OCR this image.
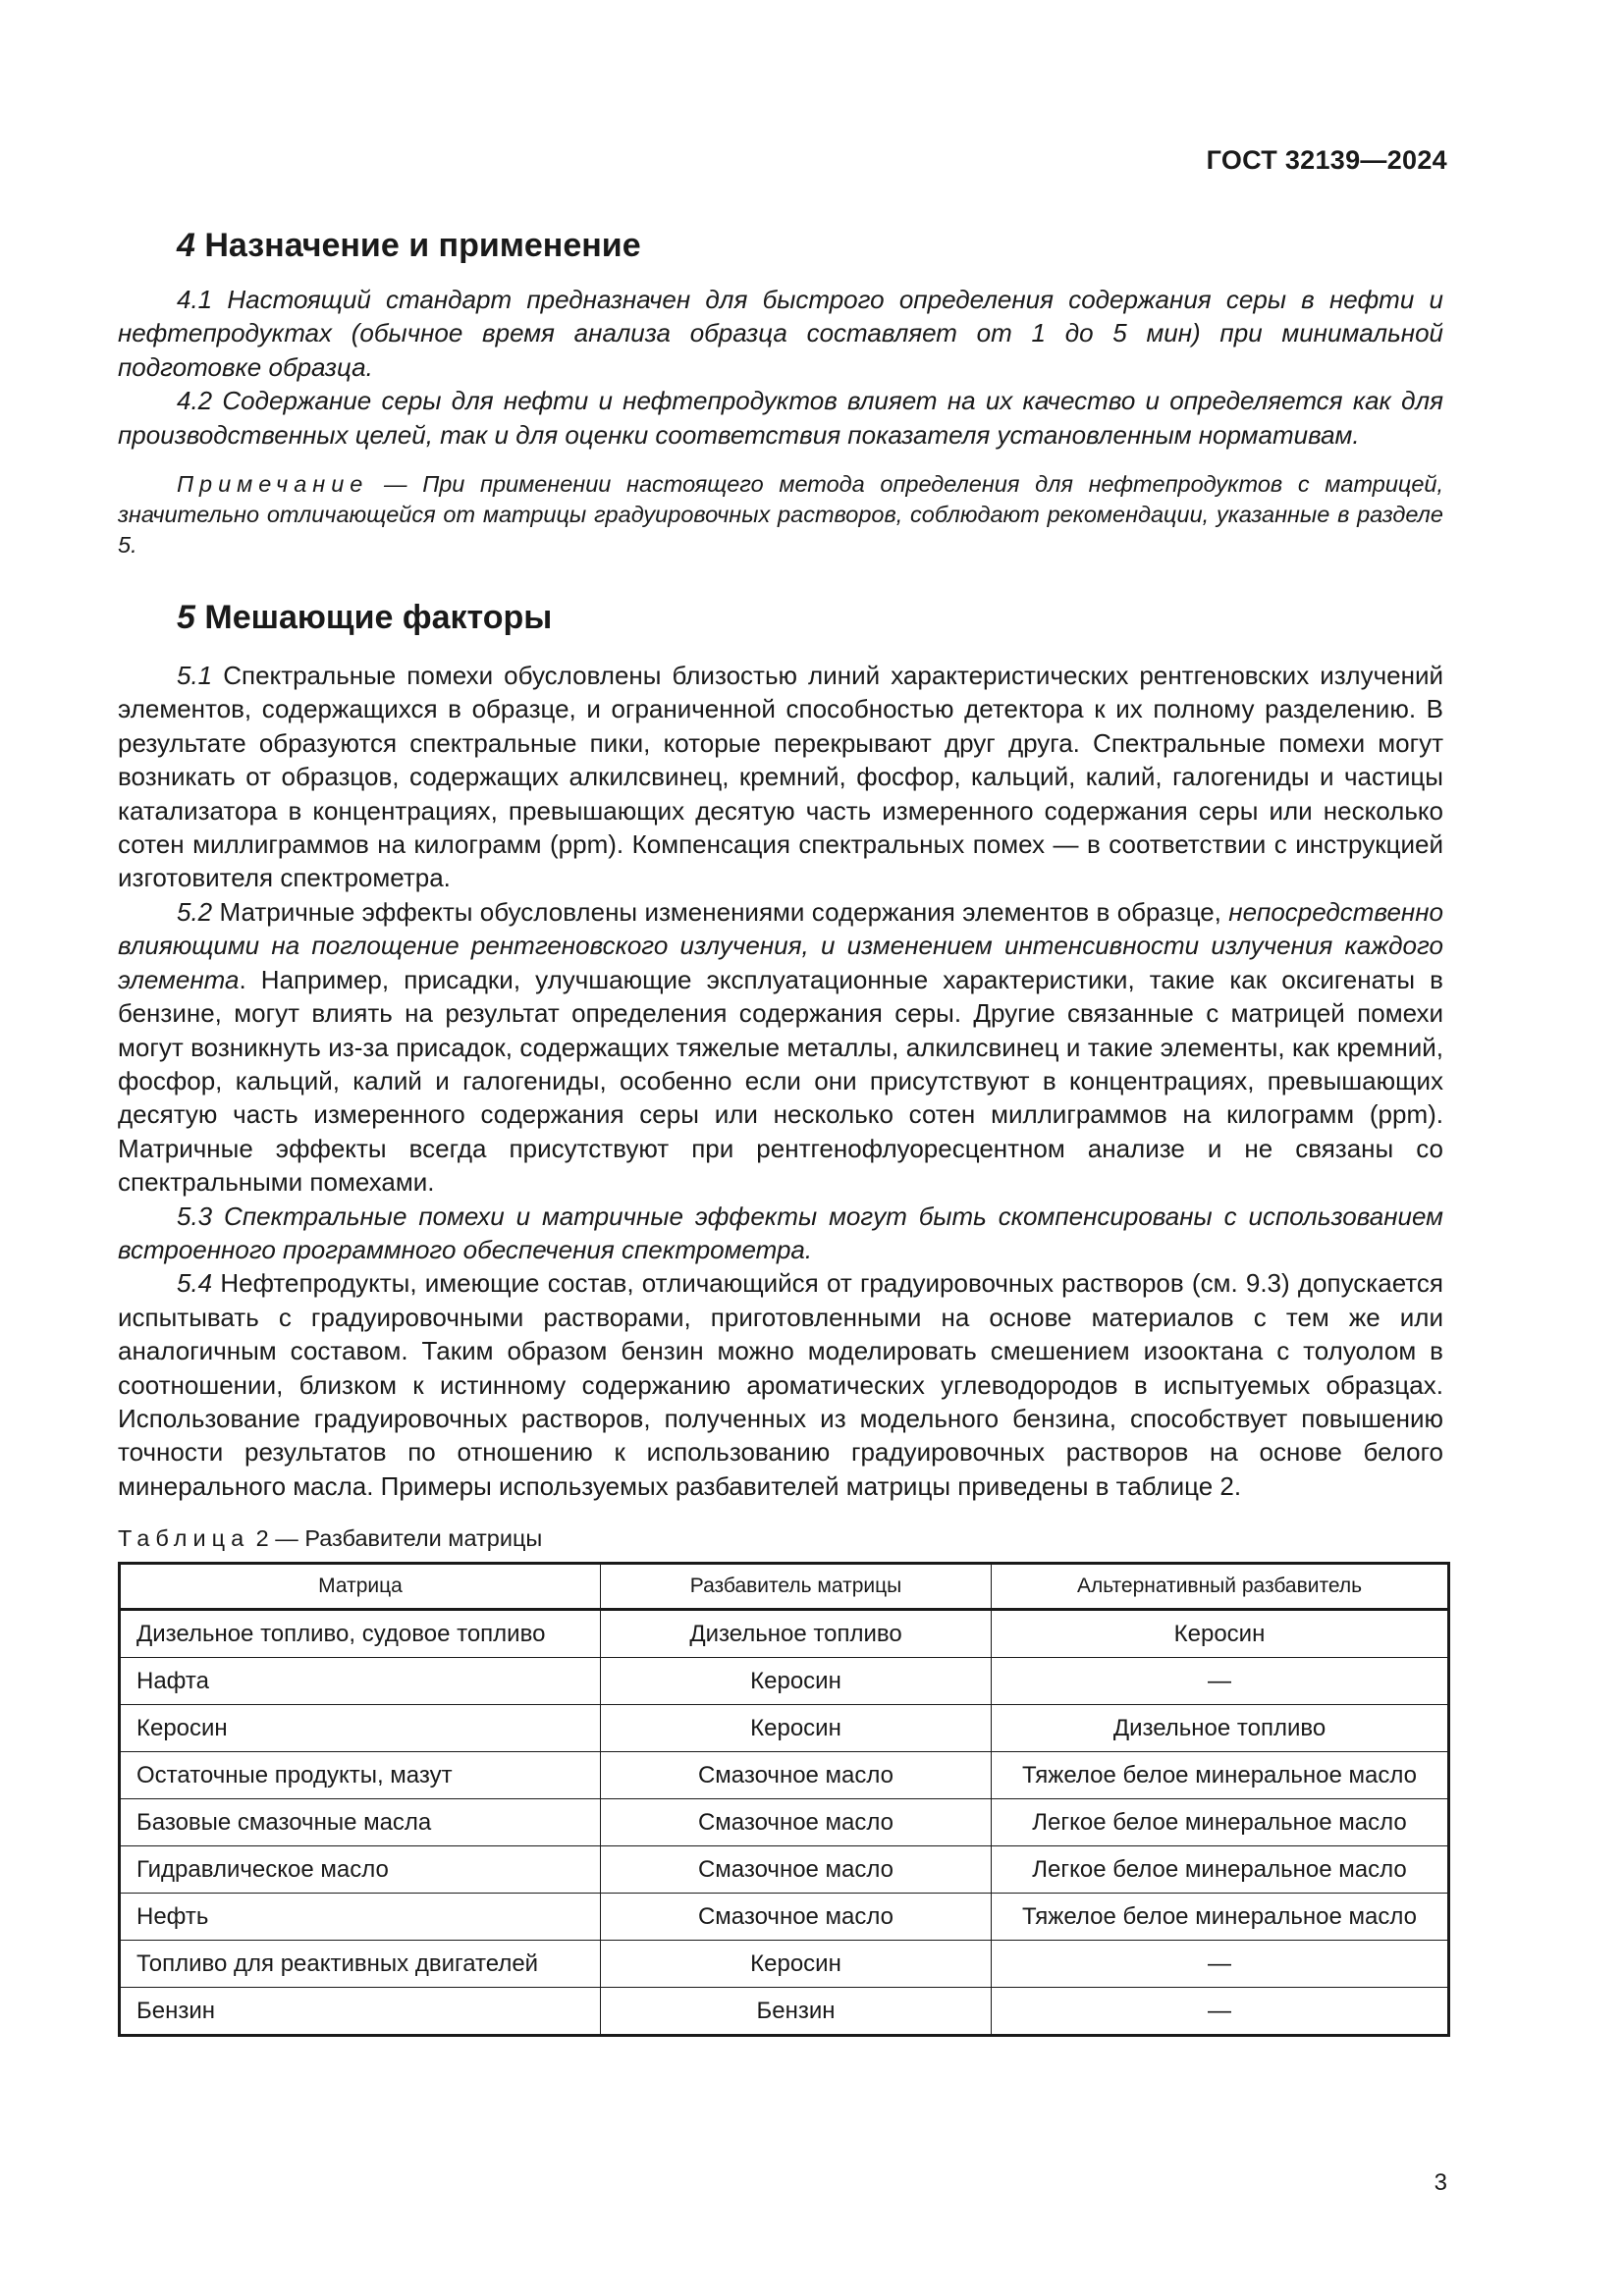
ГОСТ 32139—2024
4 Назначение и применение

4.1 Настоящий стандарт предназначен для быстрого определения содержания серы в нефти и нефтепродуктах (обычное время анализа образца составляет от 1 до 5 мин) при минимальной подготовке образца.

4.2 Содержание серы для нефти и нефтепродуктов влияет на их качество и определяется как для производственных целей, так и для оценки соответствия показателя установленным нормативам.

Примечание — При применении настоящего метода определения для нефтепродуктов с матрицей, значительно отличающейся от матрицы градуировочных растворов, соблюдают рекомендации, указанные в разделе 5.

5 Мешающие факторы

5.1 Спектральные помехи обусловлены близостью линий характеристических рентгеновских излучений элементов, содержащихся в образце, и ограниченной способностью детектора к их полному разделению. В результате образуются спектральные пики, которые перекрывают друг друга. Спектральные помехи могут возникать от образцов, содержащих алкилсвинец, кремний, фосфор, кальций, калий, галогениды и частицы катализатора в концентрациях, превышающих десятую часть измеренного содержания серы или несколько сотен миллиграммов на килограмм (ppm). Компенсация спектральных помех — в соответствии с инструкцией изготовителя спектрометра.

5.2 Матричные эффекты обусловлены изменениями содержания элементов в образце, непосредственно влияющими на поглощение рентгеновского излучения, и изменением интенсивности излучения каждого элемента. Например, присадки, улучшающие эксплуатационные характеристики, такие как оксигенаты в бензине, могут влиять на результат определения содержания серы. Другие связанные с матрицей помехи могут возникнуть из-за присадок, содержащих тяжелые металлы, алкилсвинец и такие элементы, как кремний, фосфор, кальций, калий и галогениды, особенно если они присутствуют в концентрациях, превышающих десятую часть измеренного содержания серы или несколько сотен миллиграммов на килограмм (ppm). Матричные эффекты всегда присутствуют при рентгенофлуоресцентном анализе и не связаны со спектральными помехами.

5.3 Спектральные помехи и матричные эффекты могут быть скомпенсированы с использованием встроенного программного обеспечения спектрометра.

5.4 Нефтепродукты, имеющие состав, отличающийся от градуировочных растворов (см. 9.3) допускается испытывать с градуировочными растворами, приготовленными на основе материалов с тем же или аналогичным составом. Таким образом бензин можно моделировать смешением изооктана с толуолом в соотношении, близком к истинному содержанию ароматических углеводородов в испытуемых образцах. Использование градуировочных растворов, полученных из модельного бензина, способствует повышению точности результатов по отношению к использованию градуировочных растворов на основе белого минерального масла. Примеры используемых разбавителей матрицы приведены в таблице 2.

Таблица 2 — Разбавители матрицы
Матрица	Разбавитель матрицы	Альтернативный разбавитель
Дизельное топливо, судовое топливо	Дизельное топливо	Керосин
Нафта	Керосин	—
Керосин	Керосин	Дизельное топливо
Остаточные продукты, мазут	Смазочное масло	Тяжелое белое минеральное масло
Базовые смазочные масла	Смазочное масло	Легкое белое минеральное масло
Гидравлическое масло	Смазочное масло	Легкое белое минеральное масло
Нефть	Смазочное масло	Тяжелое белое минеральное масло
Топливо для реактивных двигателей	Керосин	—
Бензин	Бензин	—
3
